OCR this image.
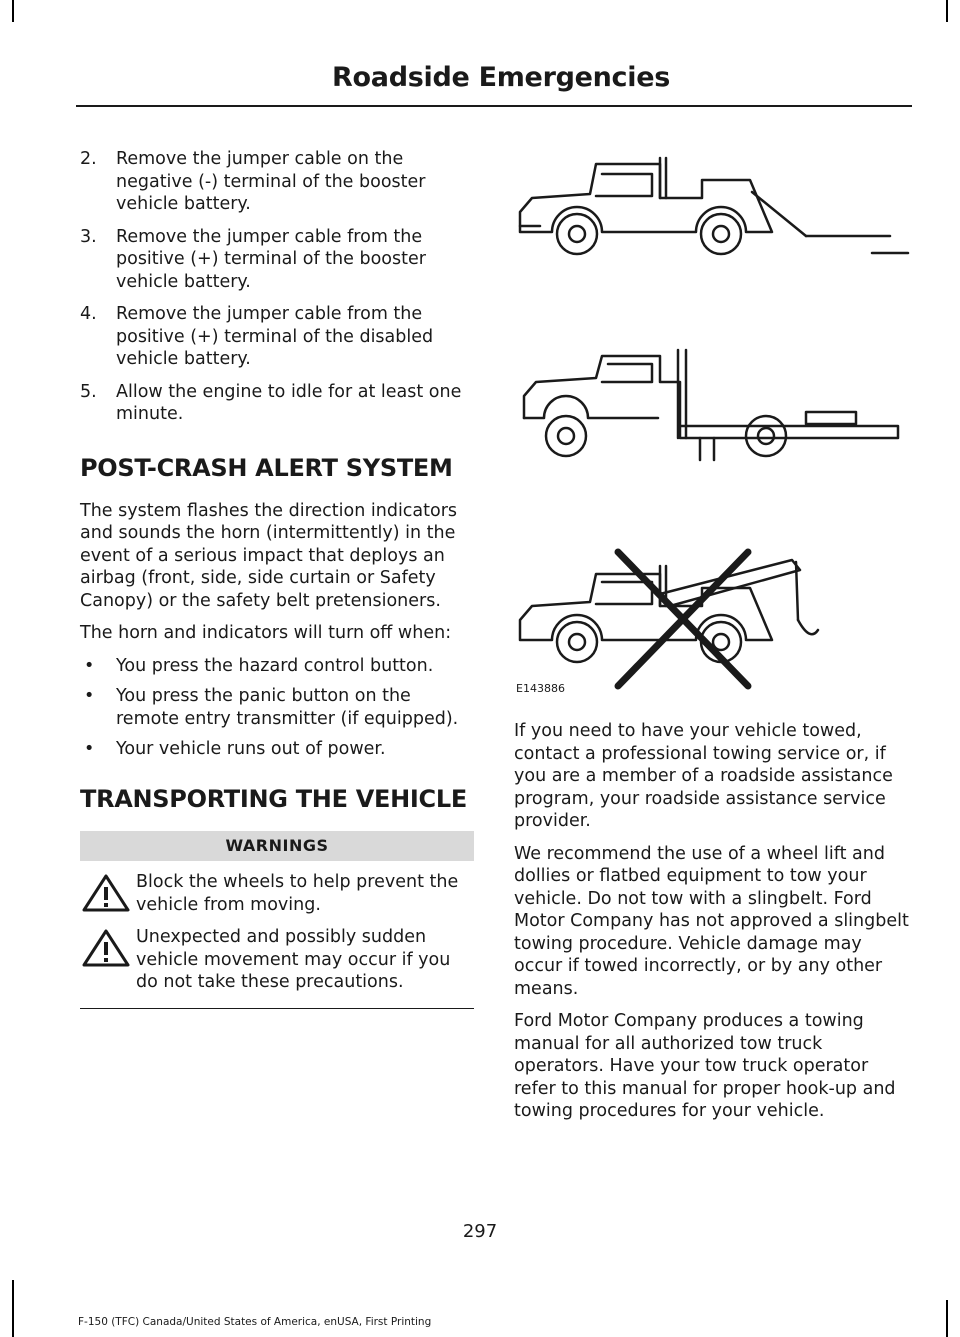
Roadside Emergencies
2. Remove the jumper cable on the negative (-) terminal of the booster vehicle battery.
3. Remove the jumper cable from the positive (+) terminal of the booster vehicle battery.
4. Remove the jumper cable from the positive (+) terminal of the disabled vehicle battery.
5. Allow the engine to idle for at least one minute.
POST-CRASH ALERT SYSTEM

The system flashes the direction indicators and sounds the horn (intermittently) in the event of a serious impact that deploys an airbag (front, side, side curtain or Safety Canopy) or the safety belt pretensioners.

The horn and indicators will turn off when:

• You press the hazard control button.
• You press the panic button on the remote entry transmitter (if equipped).
• Your vehicle runs out of power.
TRANSPORTING THE VEHICLE
WARNINGS
Block the wheels to help prevent the vehicle from moving.
Unexpected and possibly sudden vehicle movement may occur if you do not take these precautions.
E143886

If you need to have your vehicle towed, contact a professional towing service or, if you are a member of a roadside assistance program, your roadside assistance service provider.

We recommend the use of a wheel lift and dollies or flatbed equipment to tow your vehicle. Do not tow with a slingbelt. Ford Motor Company has not approved a slingbelt towing procedure. Vehicle damage may occur if towed incorrectly, or by any other means.

Ford Motor Company produces a towing manual for all authorized tow truck operators. Have your tow truck operator refer to this manual for proper hook-up and towing procedures for your vehicle.

297
F-150 (TFC) Canada/United States of America, enUSA, First Printing
